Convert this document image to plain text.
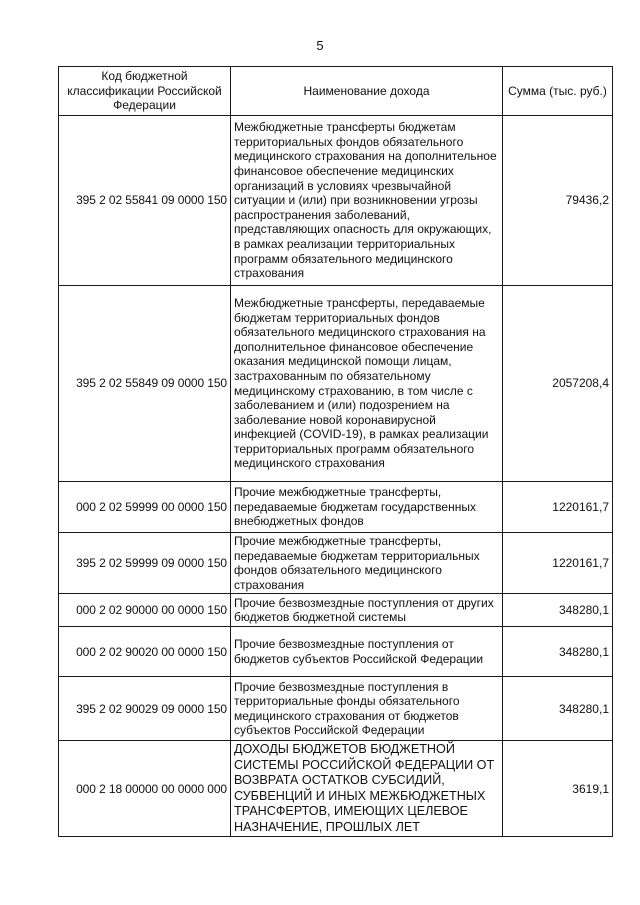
5
Код бюджетной классификации Российской Федерации	Наименование дохода	Сумма (тыс. руб.)
395 2 02 55841 09 0000 150	Межбюджетные трансферты бюджетам территориальных фондов обязательного медицинского страхования на дополнительное финансовое обеспечение медицинских организаций в условиях чрезвычайной ситуации и (или) при возникновении угрозы распространения заболеваний, представляющих опасность для окружающих, в рамках реализации территориальных программ обязательного медицинского страхования	79436,2
395 2 02 55849 09 0000 150	Межбюджетные трансферты, передаваемые бюджетам территориальных фондов обязательного медицинского страхования на дополнительное финансовое обеспечение оказания медицинской помощи лицам, застрахованным по обязательному медицинскому страхованию, в том числе с заболеванием и (или) подозрением на заболевание новой коронавирусной инфекцией (COVID-19), в рамках реализации территориальных программ обязательного медицинского страхования	2057208,4
000 2 02 59999 00 0000 150	Прочие межбюджетные трансферты, передаваемые бюджетам государственных внебюджетных фондов	1220161,7
395 2 02 59999 09 0000 150	Прочие межбюджетные трансферты, передаваемые бюджетам территориальных фондов обязательного медицинского страхования	1220161,7
000 2 02 90000 00 0000 150	Прочие безвозмездные поступления от других бюджетов бюджетной системы	348280,1
000 2 02 90020 00 0000 150	Прочие безвозмездные поступления от бюджетов субъектов Российской Федерации	348280,1
395 2 02 90029 09 0000 150	Прочие безвозмездные поступления в территориальные фонды обязательного медицинского страхования от бюджетов субъектов Российской Федерации	348280,1
000 2 18 00000 00 0000 000	ДОХОДЫ БЮДЖЕТОВ БЮДЖЕТНОЙ СИСТЕМЫ РОССИЙСКОЙ ФЕДЕРАЦИИ ОТ ВОЗВРАТА ОСТАТКОВ СУБСИДИЙ, СУБВЕНЦИЙ И ИНЫХ МЕЖБЮДЖЕТНЫХ ТРАНСФЕРТОВ, ИМЕЮЩИХ ЦЕЛЕВОЕ НАЗНАЧЕНИЕ, ПРОШЛЫХ ЛЕТ	3619,1
